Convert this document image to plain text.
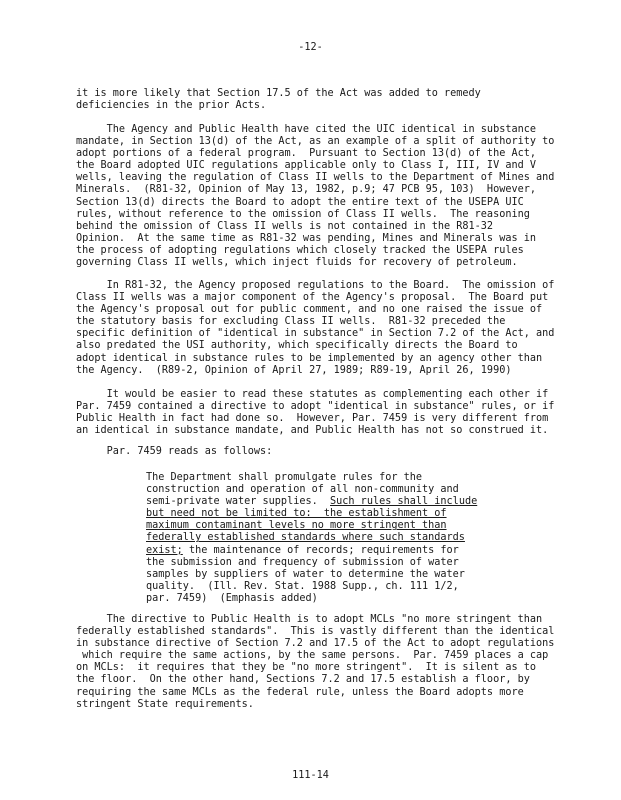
-12-
it is more likely that Section 17.5 of the Act was added to remedy
deficiencies in the prior Acts.
The Agency and Public Health have cited the UIC identical in substance
mandate, in Section 13(d) of the Act, as an example of a split of authority to
adopt portions of a federal program.  Pursuant to Section 13(d) of the Act,
the Board adopted UIC regulations applicable only to Class I, III, IV and V
wells, leaving the regulation of Class II wells to the Department of Mines and
Minerals.  (R81-32, Opinion of May 13, 1982, p.9; 47 PCB 95, 103)  However,
Section 13(d) directs the Board to adopt the entire text of the USEPA UIC
rules, without reference to the omission of Class II wells.  The reasoning
behind the omission of Class II wells is not contained in the R81-32
Opinion.  At the same time as R81-32 was pending, Mines and Minerals was in
the process of adopting regulations which closely tracked the USEPA rules
governing Class II wells, which inject fluids for recovery of petroleum.
In R81-32, the Agency proposed regulations to the Board.  The omission of
Class II wells was a major component of the Agency's proposal.  The Board put
the Agency's proposal out for public comment, and no one raised the issue of
the statutory basis for excluding Class II wells.  R81-32 preceded the
specific definition of "identical in substance" in Section 7.2 of the Act, and
also predated the USI authority, which specifically directs the Board to
adopt identical in substance rules to be implemented by an agency other than
the Agency.  (R89-2, Opinion of April 27, 1989; R89-19, April 26, 1990)
It would be easier to read these statutes as complementing each other if
Par. 7459 contained a directive to adopt "identical in substance" rules, or if
Public Health in fact had done so.  However, Par. 7459 is very different from
an identical in substance mandate, and Public Health has not so construed it.
Par. 7459 reads as follows:
The Department shall promulgate rules for the
construction and operation of all non-community and
semi-private water supplies.  Such rules shall include
but need not be limited to:  the establishment of
maximum contaminant levels no more stringent than
federally established standards where such standards
exist; the maintenance of records; requirements for
the submission and frequency of submission of water
samples by suppliers of water to determine the water
quality.  (Ill. Rev. Stat. 1988 Supp., ch. 111 1/2,
par. 7459)  (Emphasis added)
The directive to Public Health is to adopt MCLs "no more stringent than
federally established standards".  This is vastly different than the identical
in substance directive of Section 7.2 and 17.5 of the Act to adopt regulations
which require the same actions, by the same persons.  Par. 7459 places a cap
on MCLs:  it requires that they be "no more stringent".  It is silent as to
the floor.  On the other hand, Sections 7.2 and 17.5 establish a floor, by
requiring the same MCLs as the federal rule, unless the Board adopts more
stringent State requirements.
111-14
